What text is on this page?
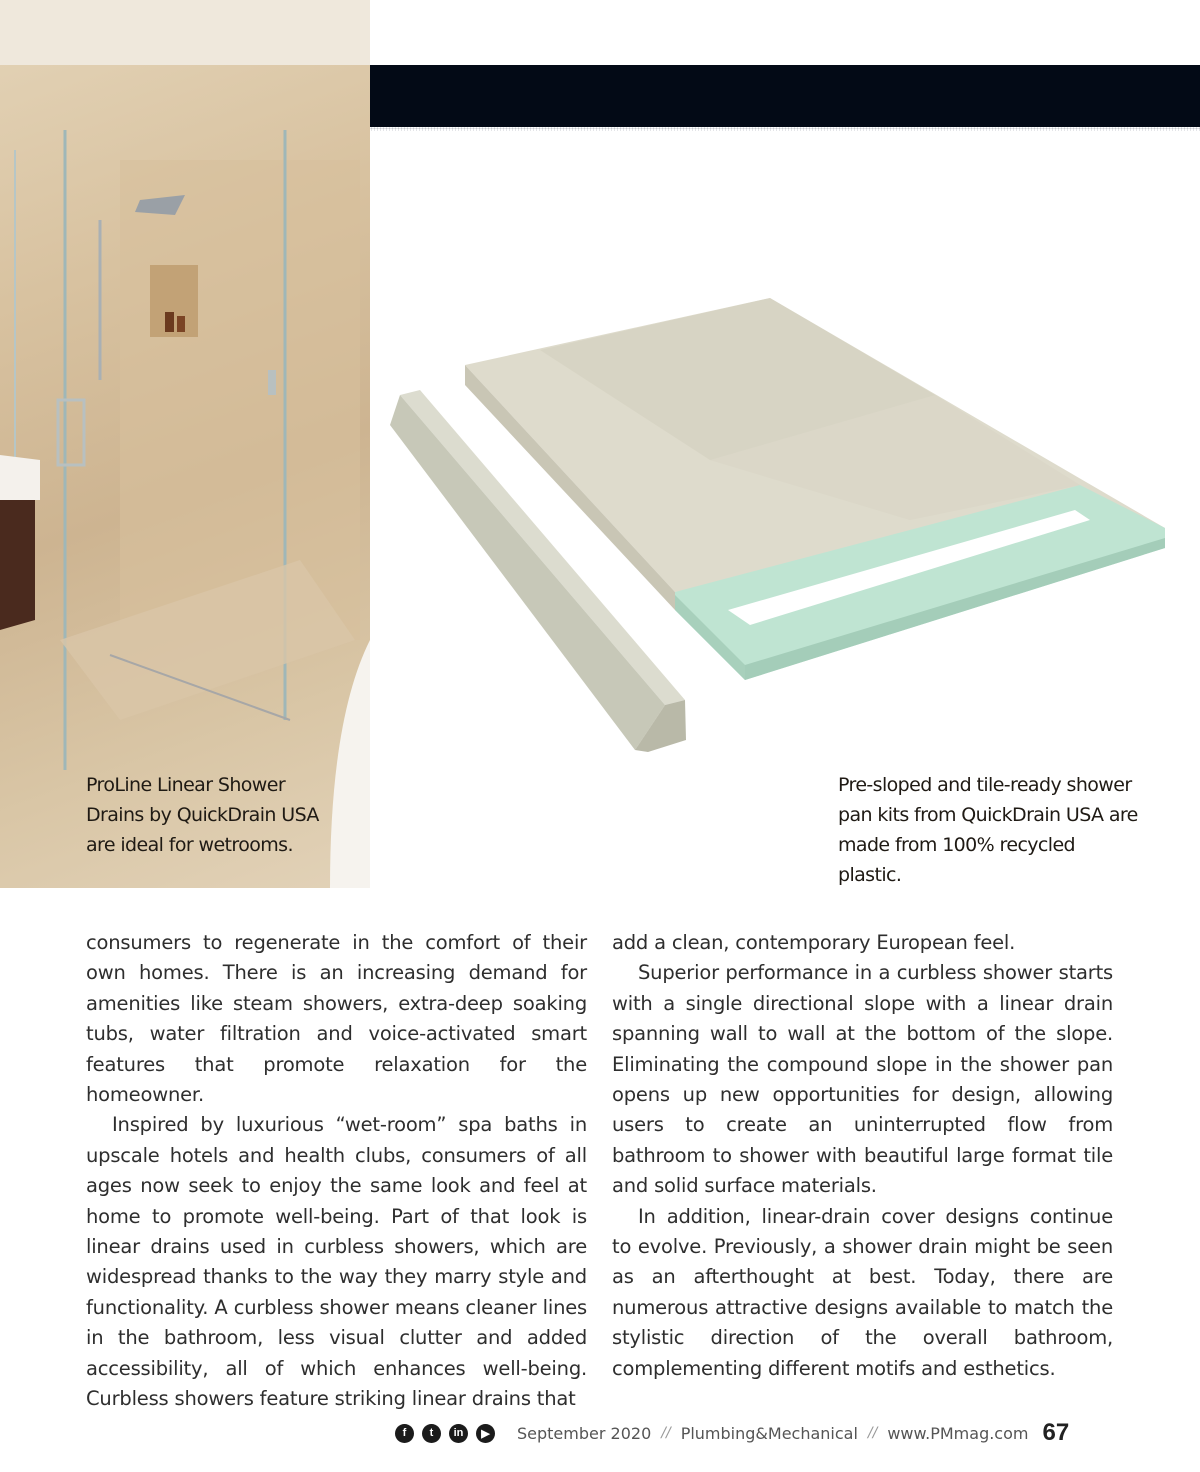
ProLine Linear Shower
Drains by QuickDrain USA
are ideal for wetrooms.
Pre-sloped and tile-ready shower
pan kits from QuickDrain USA are
made from 100% recycled plastic.

consumers to regenerate in the comfort of their own homes. There is an increasing demand for amenities like steam showers, extra-deep soaking tubs, water filtration and voice-activated smart features that promote relaxation for the homeowner.

Inspired by luxurious “wet-room” spa baths in upscale hotels and health clubs, consumers of all ages now seek to enjoy the same look and feel at home to promote well-being. Part of that look is linear drains used in curbless showers, which are widespread thanks to the way they marry style and functionality. A curbless shower means cleaner lines in the bathroom, less visual clutter and added accessibility, all of which enhances well-being. Curbless showers feature striking linear drains that

add a clean, contemporary European feel.

Superior performance in a curbless shower starts with a single directional slope with a linear drain spanning wall to wall at the bottom of the slope. Eliminating the compound slope in the shower pan opens up new opportunities for design, allowing users to create an uninterrupted flow from bathroom to shower with beautiful large format tile and solid surface materials.

In addition, linear-drain cover designs continue to evolve. Previously, a shower drain might be seen as an afterthought at best. Today, there are numerous attractive designs available to match the stylistic direction of the overall bathroom, complementing different motifs and esthetics.

f	t	in	▶	September 2020 // Plumbing&Mechanical // www.PMmag.com 67
